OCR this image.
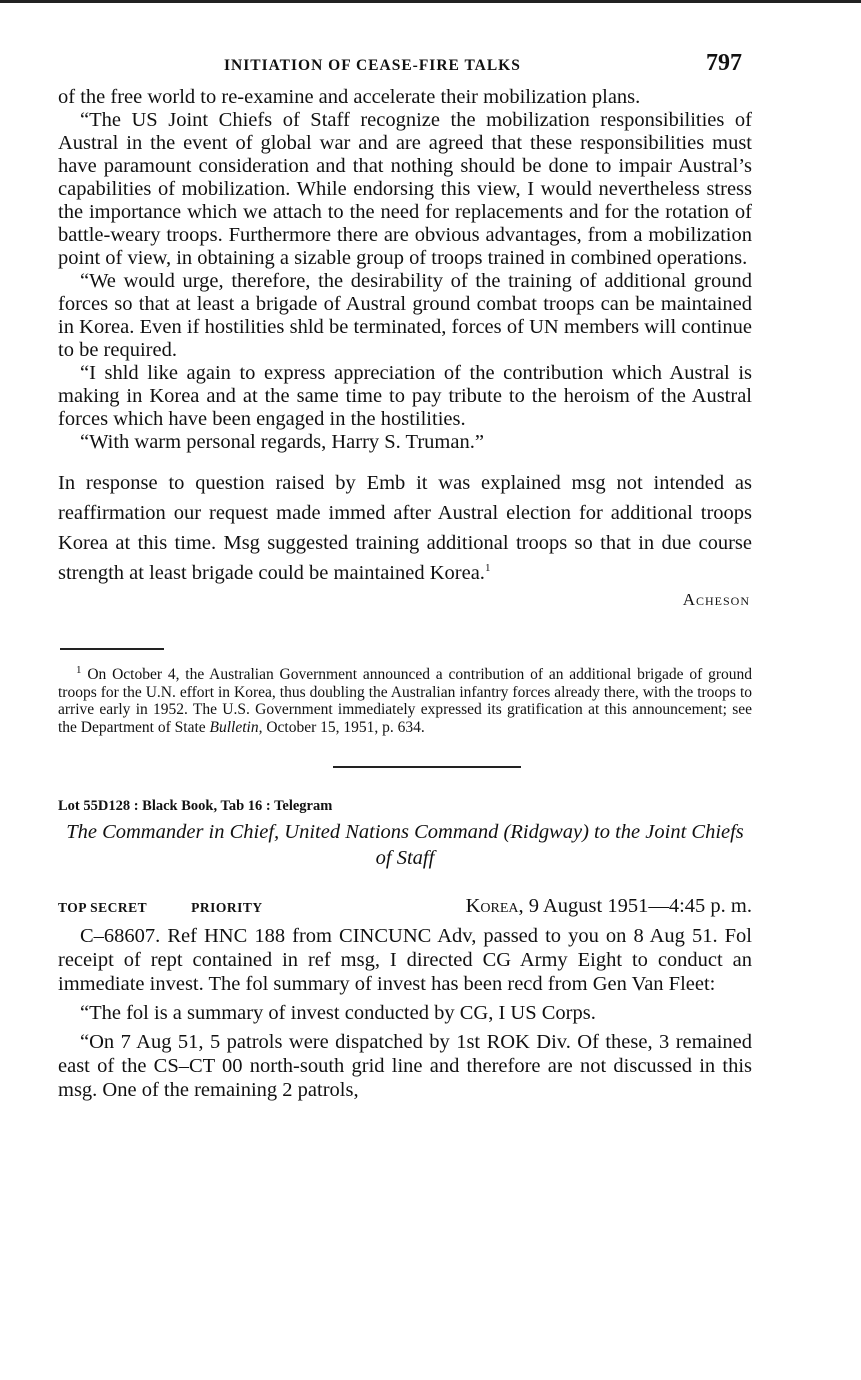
INITIATION OF CEASE-FIRE TALKS	797

of the free world to re-examine and accelerate their mobilization plans.

“The US Joint Chiefs of Staff recognize the mobilization responsibilities of Austral in the event of global war and are agreed that these responsibilities must have paramount consideration and that nothing should be done to impair Austral’s capabilities of mobilization. While endorsing this view, I would nevertheless stress the importance which we attach to the need for replacements and for the rotation of battle-weary troops. Furthermore there are obvious advantages, from a mobilization point of view, in obtaining a sizable group of troops trained in combined operations.

“We would urge, therefore, the desirability of the training of additional ground forces so that at least a brigade of Austral ground combat troops can be maintained in Korea. Even if hostilities shld be terminated, forces of UN members will continue to be required.

“I shld like again to express appreciation of the contribution which Austral is making in Korea and at the same time to pay tribute to the heroism of the Austral forces which have been engaged in the hostilities.

“With warm personal regards, Harry S. Truman.”

In response to question raised by Emb it was explained msg not intended as reaffirmation our request made immed after Austral election for additional troops Korea at this time. Msg suggested training additional troops so that in due course strength at least brigade could be maintained Korea.$^1$

Acheson

$^1$ On October 4, the Australian Government announced a contribution of an additional brigade of ground troops for the U.N. effort in Korea, thus doubling the Australian infantry forces already there, with the troops to arrive early in 1952. The U.S. Government immediately expressed its gratification at this announcement; see the Department of State Bulletin, October 15, 1951, p. 634.

Lot 55D128 : Black Book, Tab 16 : Telegram
The Commander in Chief, United Nations Command (Ridgway) to the Joint Chiefs of Staff
TOP SECRET	PRIORITY	Korea, 9 August 1951—4:45 p. m.

C–68607. Ref HNC 188 from CINCUNC Adv, passed to you on 8 Aug 51. Fol receipt of rept contained in ref msg, I directed CG Army Eight to conduct an immediate invest. The fol summary of invest has been recd from Gen Van Fleet:

“The fol is a summary of invest conducted by CG, I US Corps.

“On 7 Aug 51, 5 patrols were dispatched by 1st ROK Div. Of these, 3 remained east of the CS–CT 00 north-south grid line and therefore are not discussed in this msg. One of the remaining 2 patrols,
